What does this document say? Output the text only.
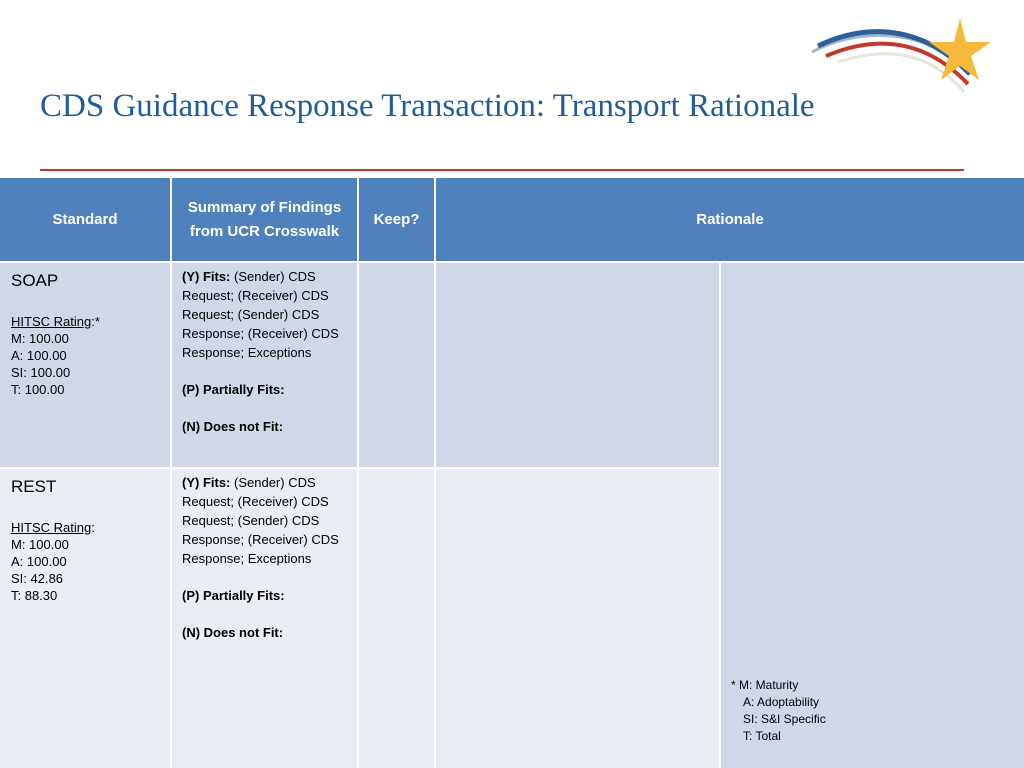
CDS Guidance Response Transaction: Transport Rationale
Standard
Summary of Findings from UCR Crosswalk
Keep?	Rationale
SOAP
HITSC Rating:*
M: 100.00
A: 100.00
SI: 100.00
T: 100.00

(Y) Fits: (Sender) CDS Request; (Receiver) CDS Request; (Sender) CDS Response; (Receiver) CDS Response; Exceptions

(P) Partially Fits:

(N) Does not Fit:

REST
HITSC Rating:
M: 100.00
A: 100.00
SI: 42.86
T: 88.30

(Y) Fits: (Sender) CDS Request; (Receiver) CDS Request; (Sender) CDS Response; (Receiver) CDS Response; Exceptions

(P) Partially Fits:

(N) Does not Fit:

* M: Maturity
A: Adoptability
SI: S&I Specific
T: Total
